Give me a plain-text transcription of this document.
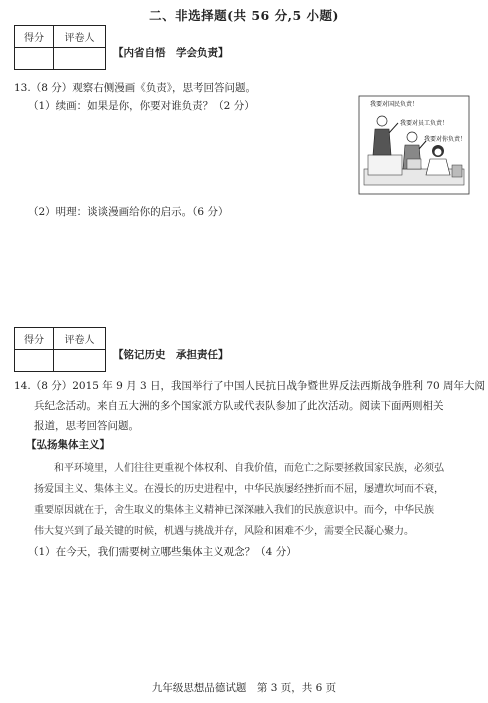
二、非选择题(共 56 分,5 小题)
得分	评卷人

【内省自悟　学会负责】
13.（8 分）观察右侧漫画《负责》，思考回答问题。
（1）续画：如果是你，你要对谁负责？（2 分）	我要对国民负责！
我要对员工负责！
我要对你负责！
（2）明理：谈谈漫画给你的启示。（6 分）
得分	评卷人

【铭记历史　承担责任】
14.（8 分）2015 年 9 月 3 日，我国举行了中国人民抗日战争暨世界反法西斯战争胜利 70 周年大阅
兵纪念活动。来自五大洲的多个国家派方队或代表队参加了此次活动。阅读下面两则相关
报道，思考回答问题。
【弘扬集体主义】
　　和平环境里，人们往往更重视个体权利、自我价值，而危亡之际要拯救国家民族，必须弘
扬爱国主义、集体主义。在漫长的历史进程中，中华民族屡经挫折而不屈，屡遭坎坷而不衰，
重要原因就在于，舍生取义的集体主义精神已深深融入我们的民族意识中。而今，中华民族
伟大复兴到了最关键的时候，机遇与挑战并存，风险和困难不少，需要全民凝心聚力。
（1）在今天，我们需要树立哪些集体主义观念？（4 分）
九年级思想品德试题　第 3 页，共 6 页
